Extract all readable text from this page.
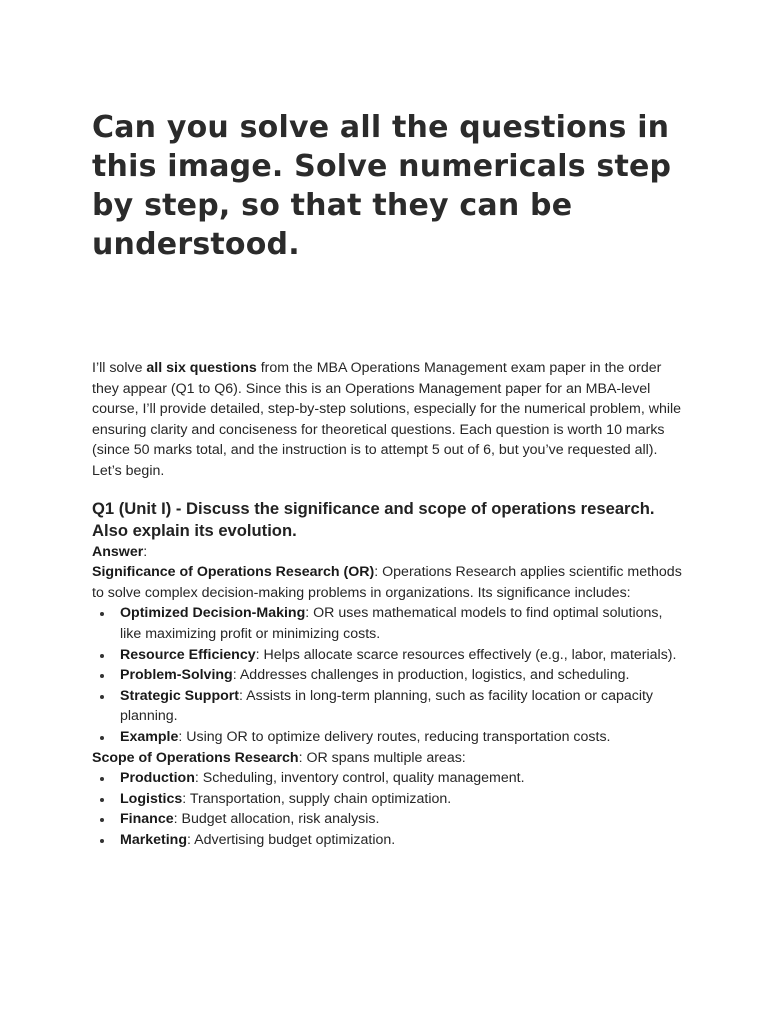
Can you solve all the questions in this image. Solve numericals step by step, so that they can be understood.

I’ll solve all six questions from the MBA Operations Management exam paper in the order they appear (Q1 to Q6). Since this is an Operations Management paper for an MBA-level course, I’ll provide detailed, step-by-step solutions, especially for the numerical problem, while ensuring clarity and conciseness for theoretical questions. Each question is worth 10 marks (since 50 marks total, and the instruction is to attempt 5 out of 6, but you’ve requested all). Let’s begin.

Q1 (Unit I) - Discuss the significance and scope of operations research. Also explain its evolution.

Answer:

Significance of Operations Research (OR): Operations Research applies scientific methods to solve complex decision-making problems in organizations. Its significance includes:

Optimized Decision-Making: OR uses mathematical models to find optimal solutions, like maximizing profit or minimizing costs.
Resource Efficiency: Helps allocate scarce resources effectively (e.g., labor, materials).
Problem-Solving: Addresses challenges in production, logistics, and scheduling.
Strategic Support: Assists in long-term planning, such as facility location or capacity planning.
Example: Using OR to optimize delivery routes, reducing transportation costs.

Scope of Operations Research: OR spans multiple areas:

Production: Scheduling, inventory control, quality management.
Logistics: Transportation, supply chain optimization.
Finance: Budget allocation, risk analysis.
Marketing: Advertising budget optimization.
